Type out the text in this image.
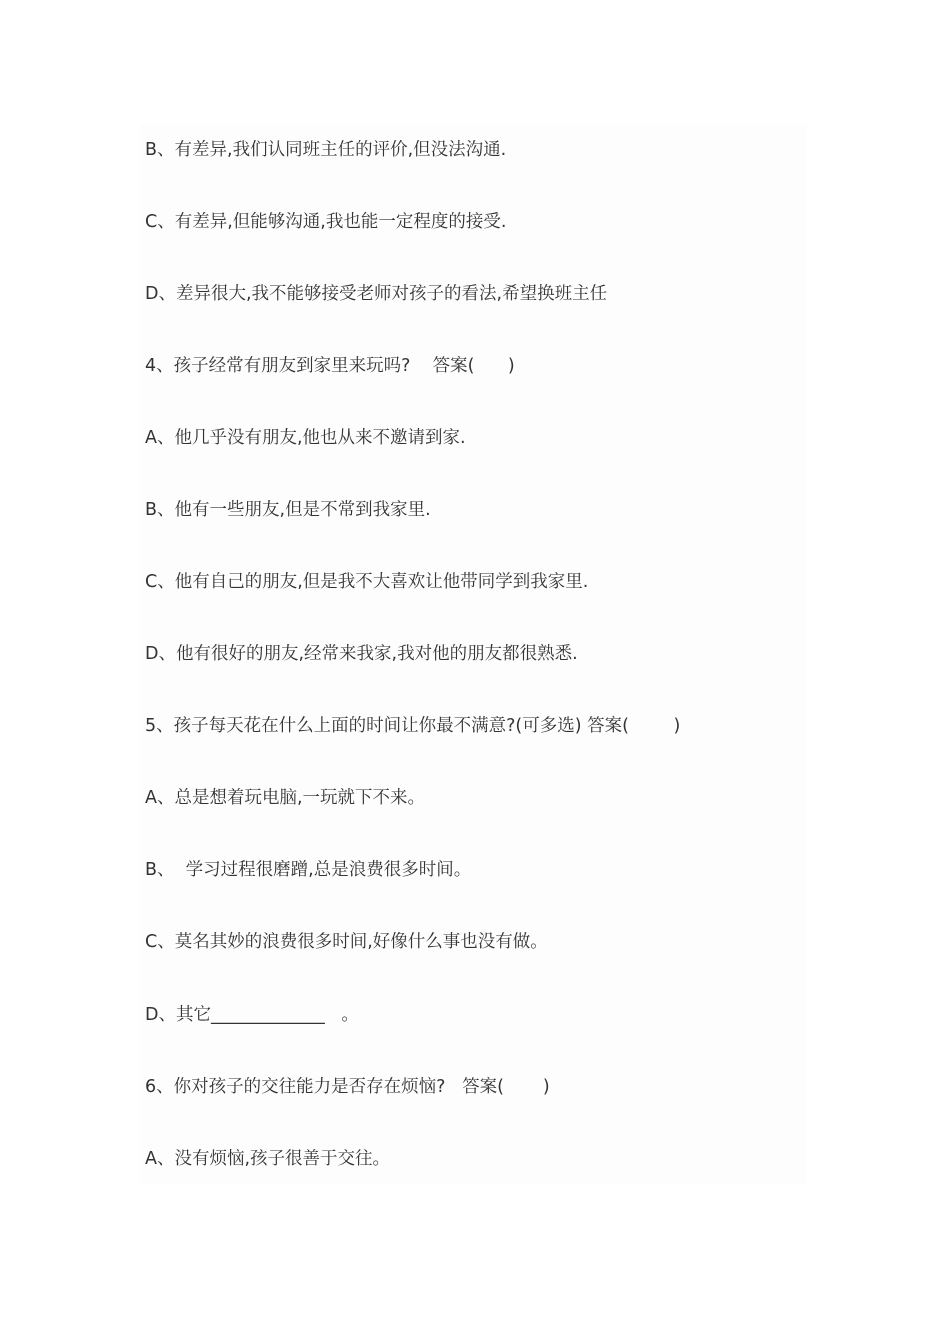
B、有差异,我们认同班主任的评价,但没法沟通.
C、有差异,但能够沟通,我也能一定程度的接受.
D、差异很大,我不能够接受老师对孩子的看法,希望换班主任
4、孩子经常有朋友到家里来玩吗?    答案(      )
A、他几乎没有朋友,他也从来不邀请到家.
B、他有一些朋友,但是不常到我家里.
C、他有自己的朋友,但是我不大喜欢让他带同学到我家里.
D、他有很好的朋友,经常来我家,我对他的朋友都很熟悉.
5、孩子每天花在什么上面的时间让你最不满意?(可多选) 答案(        )
A、总是想着玩电脑,一玩就下不来。
B、  学习过程很磨蹭,总是浪费很多时间。
C、莫名其妙的浪费很多时间,好像什么事也没有做。
D、其它_____________   。
6、你对孩子的交往能力是否存在烦恼?   答案(       )
A、没有烦恼,孩子很善于交往。
